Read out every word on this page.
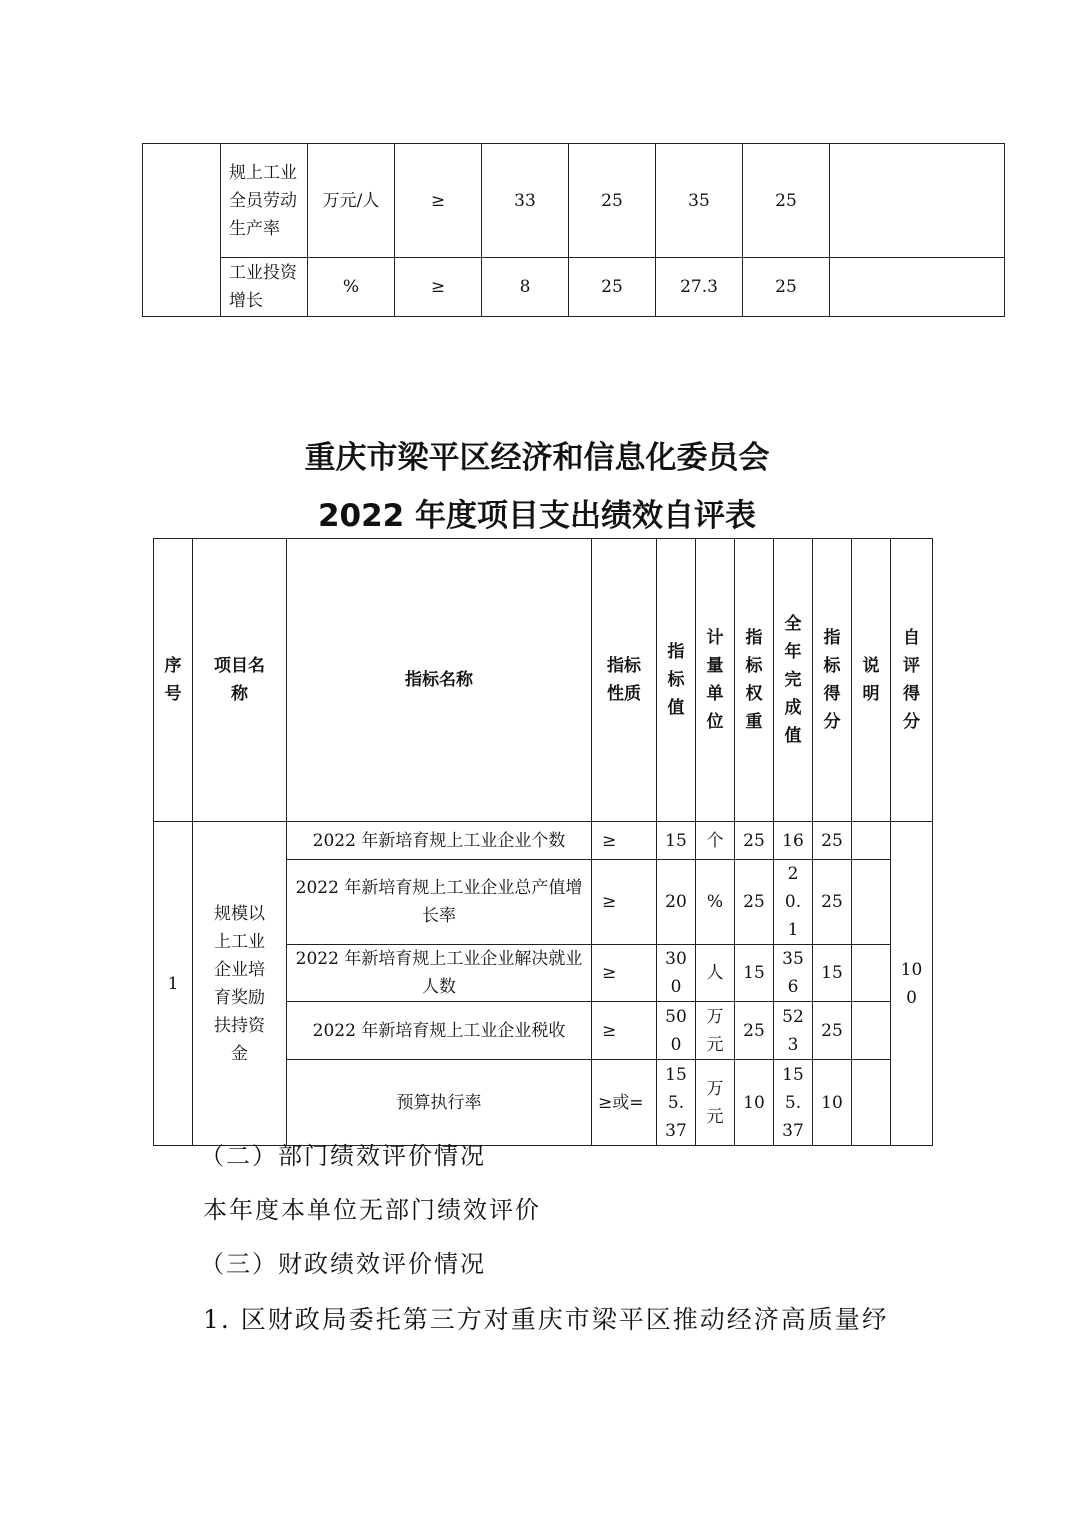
	规上工业全员劳动生产率	万元/人	≥	33	25	35	25	
	工业投资增长	%	≥	8	25	27.3	25	
重庆市梁平区经济和信息化委员会
2022 年度项目支出绩效自评表
序号	项目名称	指标名称	指标性质	指标值	计量单位	指标权重	全年完成值	指标得分	说明	自评得分
1	规模以上工业企业培育奖励扶持资金	2022 年新培育规上工业企业个数	≥	15	个	25	16	25		100
		2022 年新培育规上工业企业总产值增长率	≥	20	%	25	20.1	25		
		2022 年新培育规上工业企业解决就业人数	≥	300	人	15	356	15		
		2022 年新培育规上工业企业税收	≥	500	万元	25	523	25		
		预算执行率	≥或=	155.37	万元	10	155.37	10		
（二）部门绩效评价情况
本年度本单位无部门绩效评价
（三）财政绩效评价情况
1. 区财政局委托第三方对重庆市梁平区推动经济高质量纾
